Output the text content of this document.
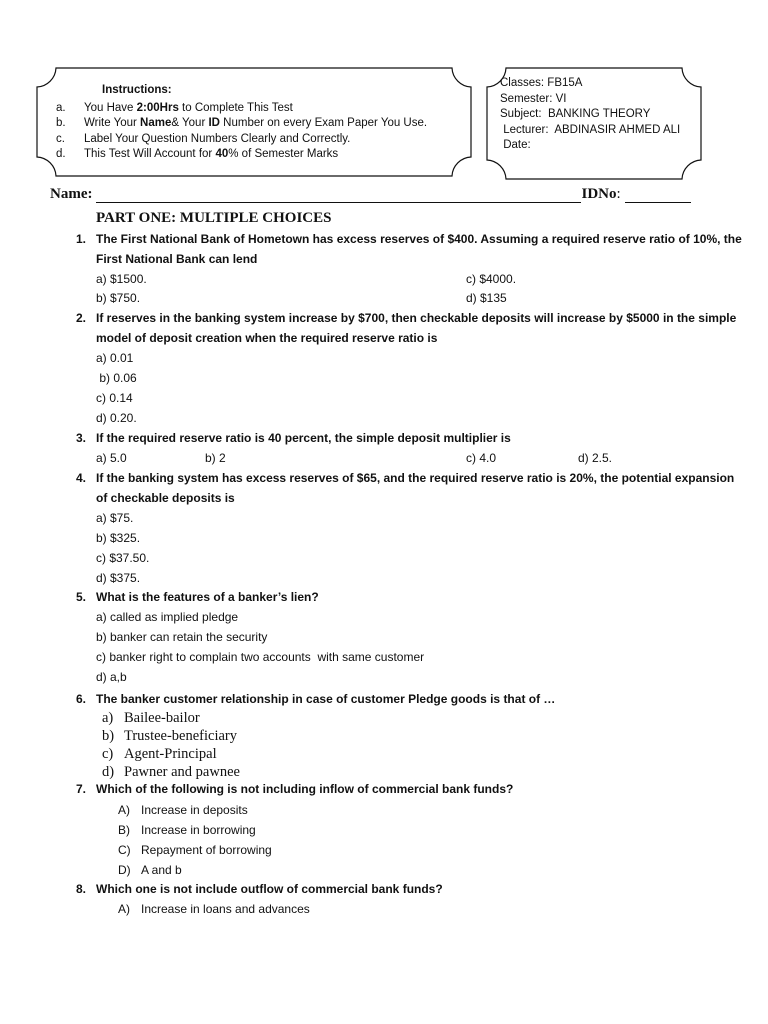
Instructions:
a.	You Have 2:00Hrs to Complete This Test
b.	Write Your Name& Your ID Number on every Exam Paper You Use.
c.	Label Your Question Numbers Clearly and Correctly.
d.	This Test Will Account for 40% of Semester Marks
Classes: FB15A
Semester: VI
Subject:  BANKING THEORY
Lecturer:  ABDINASIR AHMED ALI
Date:
Name:	IDNo :
PART ONE: MULTIPLE CHOICES
1. The First National Bank of Hometown has excess reserves of $400. Assuming a required reserve ratio of 10%, the First National Bank can lend
a) $1500.	c) $4000.
b) $750.	d) $135
2. If reserves in the banking system increase by $700, then checkable deposits will increase by $5000 in the simple model of deposit creation when the required reserve ratio is
a) 0.01
b) 0.06
c) 0.14
d) 0.20.
3. If the required reserve ratio is 40 percent, the simple deposit multiplier is
a) 5.0	b) 2	c) 4.0	d) 2.5.
4. If the banking system has excess reserves of $65, and the required reserve ratio is 20%, the potential expansion of checkable deposits is
a) $75.
b) $325.
c) $37.50.
d) $375.
5. What is the features of a banker’s lien?
a) called as implied pledge
b) banker can retain the security
c) banker right to complain two accounts  with same customer
d) a,b
6. The banker customer relationship in case of customer Pledge goods is that of …
a) Bailee-bailor
b) Trustee-beneficiary
c) Agent-Principal
d) Pawner and pawnee
7. Which of the following is not including inflow of commercial bank funds?
A) Increase in deposits
B) Increase in borrowing
C) Repayment of borrowing
D) A and b
8. Which one is not include outflow of commercial bank funds?
A) Increase in loans and advances
